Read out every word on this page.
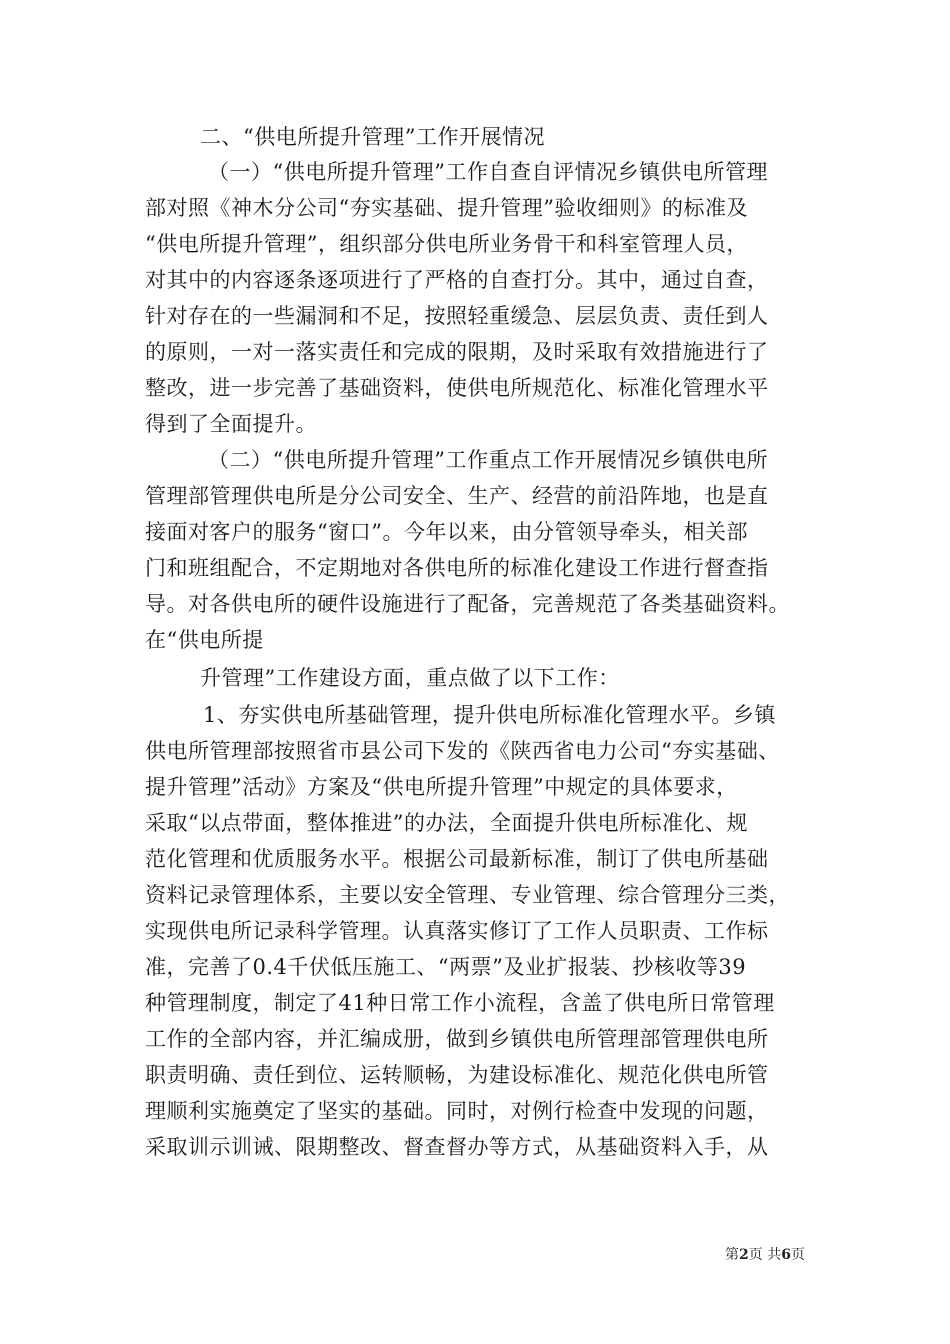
二、“供电所提升管理”工作开展情况
（一）“供电所提升管理”工作自查自评情况乡镇供电所管理
部对照《神木分公司“夯实基础、提升管理”验收细则》的标准及
“供电所提升管理”，组织部分供电所业务骨干和科室管理人员，
对其中的内容逐条逐项进行了严格的自查打分。其中，通过自查，
针对存在的一些漏洞和不足，按照轻重缓急、层层负责、责任到人
的原则，一对一落实责任和完成的限期，及时采取有效措施进行了
整改，进一步完善了基础资料，使供电所规范化、标准化管理水平
得到了全面提升。
（二）“供电所提升管理”工作重点工作开展情况乡镇供电所
管理部管理供电所是分公司安全、生产、经营的前沿阵地，也是直
接面对客户的服务“窗口”。今年以来，由分管领导牵头，相关部
门和班组配合，不定期地对各供电所的标准化建设工作进行督查指
导。对各供电所的硬件设施进行了配备，完善规范了各类基础资料。
在“供电所提
升管理”工作建设方面，重点做了以下工作：
1、夯实供电所基础管理，提升供电所标准化管理水平。乡镇
供电所管理部按照省市县公司下发的《陕西省电力公司“夯实基础、
提升管理”活动》方案及“供电所提升管理”中规定的具体要求，
采取“以点带面，整体推进”的办法，全面提升供电所标准化、规
范化管理和优质服务水平。根据公司最新标准，制订了供电所基础
资料记录管理体系，主要以安全管理、专业管理、综合管理分三类，
实现供电所记录科学管理。认真落实修订了工作人员职责、工作标
准，完善了0.4千伏低压施工、“两票”及业扩报装、抄核收等39
种管理制度，制定了41种日常工作小流程，含盖了供电所日常管理
工作的全部内容，并汇编成册，做到乡镇供电所管理部管理供电所
职责明确、责任到位、运转顺畅，为建设标准化、规范化供电所管
理顺利实施奠定了坚实的基础。同时，对例行检查中发现的问题，
采取训示训诫、限期整改、督查督办等方式，从基础资料入手，从
第2页 共6页
